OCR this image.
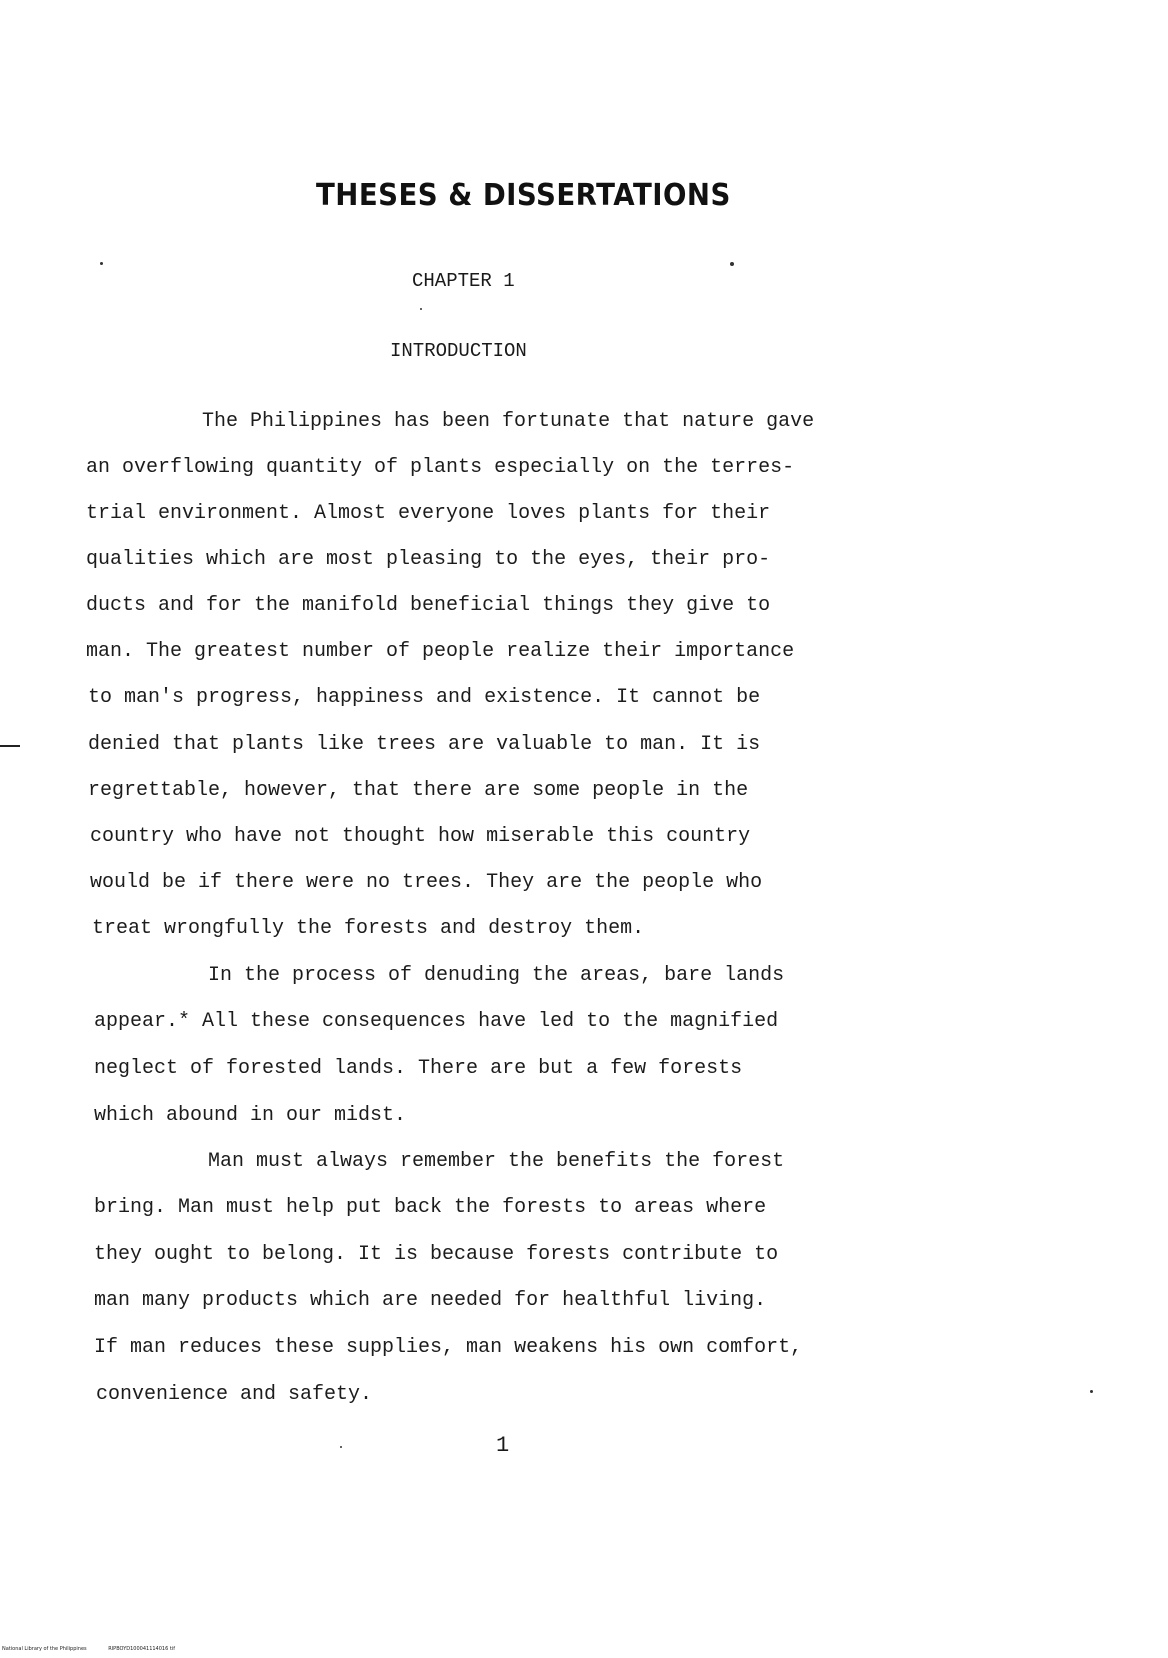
THESES & DISSERTATIONS
CHAPTER 1
INTRODUCTION
The Philippines has been fortunate that nature gave
an overflowing quantity of plants especially on the terres-
trial environment. Almost everyone loves plants for their
qualities which are most pleasing to the eyes, their pro-
ducts and for the manifold beneficial things they give to
man. The greatest number of people realize their importance
to man's progress, happiness and existence. It cannot be
denied that plants like trees are valuable to man. It is
regrettable, however, that there are some people in the
country who have not thought how miserable this country
would be if there were no trees. They are the people who
treat wrongfully the forests and destroy them.
In the process of denuding the areas, bare lands
appear.* All these consequences have led to the magnified
neglect of forested lands. There are but a few forests
which abound in our midst.
Man must always remember the benefits the forest
bring. Man must help put back the forests to areas where
they ought to belong. It is because forests contribute to
man many products which are needed for healthful living.
If man reduces these supplies, man weakens his own comfort,
convenience and safety.
1
National Library of the Philippines	RIPBOYD100041114016 tif
